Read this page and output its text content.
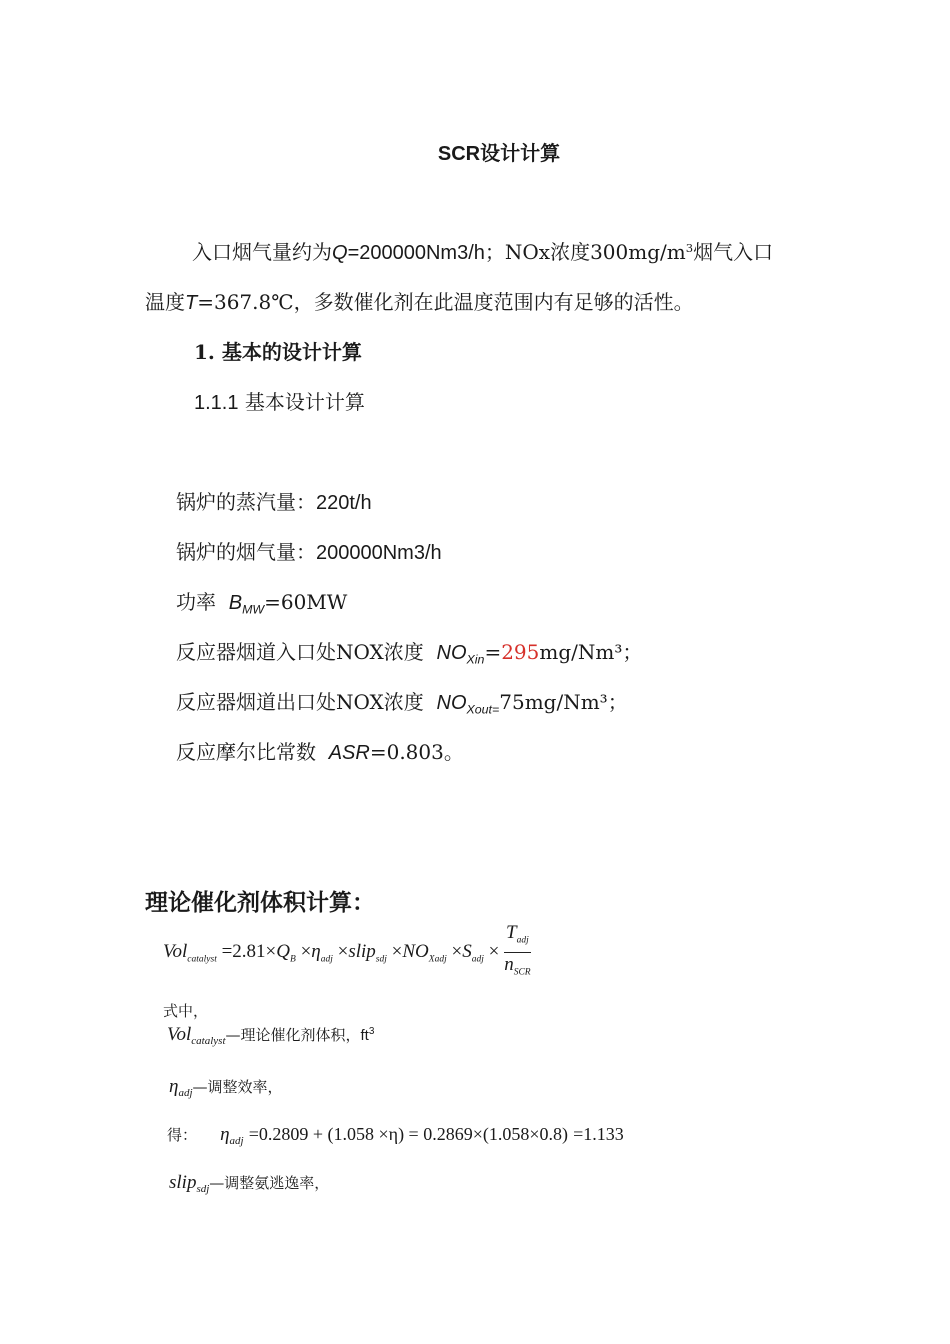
SCR设计计算
入口烟气量约为Q=200000Nm3/h；NOx浓度$300mg/m^3$烟气入口
温度T=367.8℃，多数催化剂在此温度范围内有足够的活性。
1. 基本的设计计算
1.1.1 基本设计计算
锅炉的蒸汽量：220t/h
锅炉的烟气量：200000Nm3/h
功率 $B_{MW}=60MW$
反应器烟道入口处NOX浓度 $NO_{Xin}=295mg$/Nm³；
反应器烟道出口处NOX浓度 $NO_{Xout=}75mg$/Nm³；
反应摩尔比常数 ASR=0.803。
理论催化剂体积计算：
$Vol_{catalyst} =2.81\times Q_B \times\eta_{adj}$ ×slip$_{sdj}$ $\times NO_{Xadj} \times S_{adj} \times \frac{T_{adj}}{n_{SCR}}$
式中，
Vol$_{catalyst}$—理论催化剂体积，$ft^3$
$\eta_{adj}—$调整效率，
得： $\eta_{adj} =0.2809 + (1.058 \times\eta) = 0.2869\times(1.058\times 0.8) =1.133$
slip$_{sdj}$—调整氨逃逸率，
